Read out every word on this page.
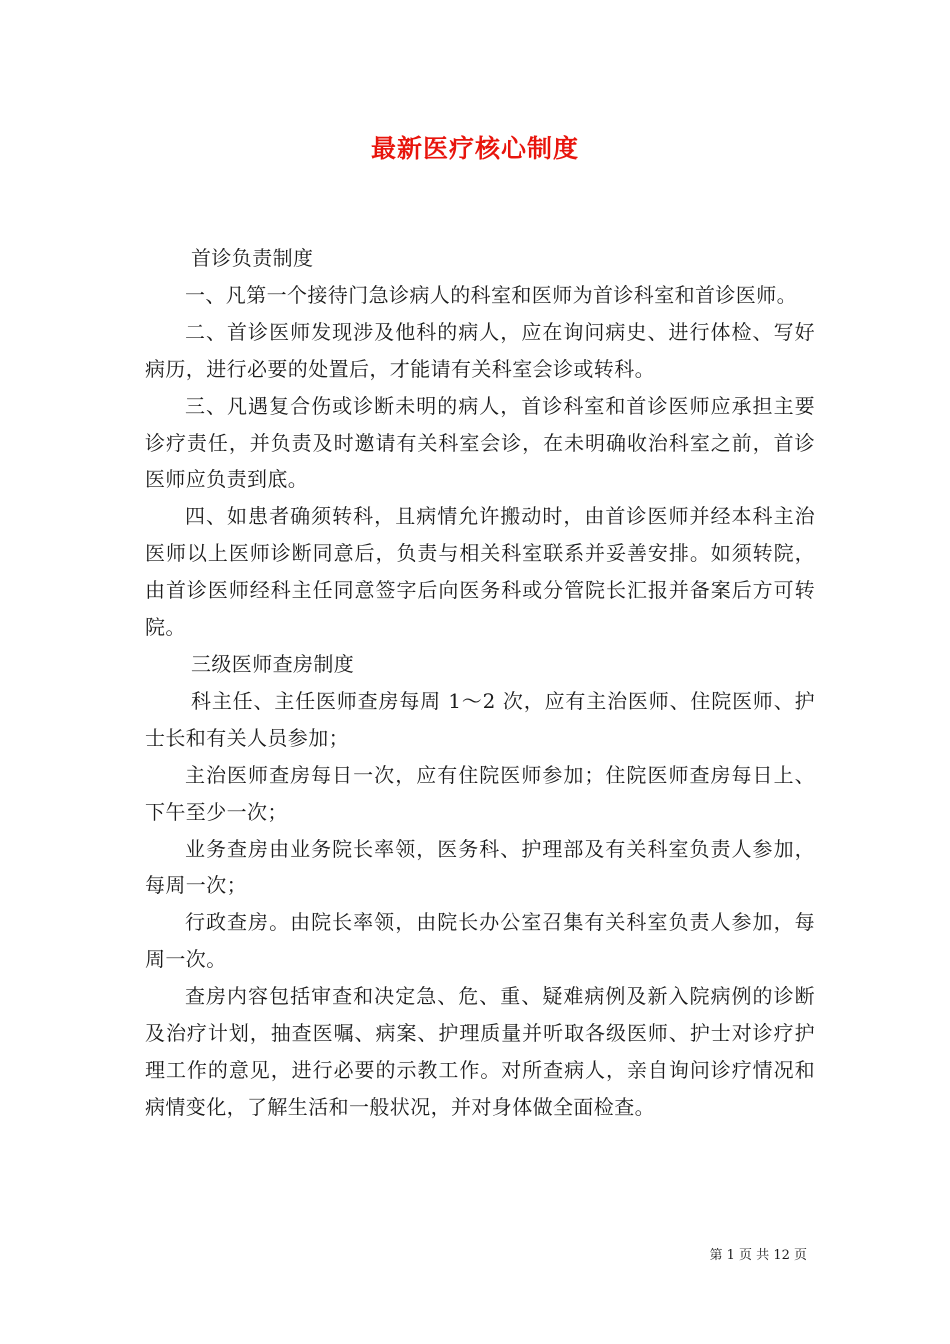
最新医疗核心制度

首诊负责制度

一、凡第一个接待门急诊病人的科室和医师为首诊科室和首诊医师。

二、首诊医师发现涉及他科的病人，应在询问病史、进行体检、写好病历，进行必要的处置后，才能请有关科室会诊或转科。

三、凡遇复合伤或诊断未明的病人，首诊科室和首诊医师应承担主要诊疗责任，并负责及时邀请有关科室会诊，在未明确收治科室之前，首诊医师应负责到底。

四、如患者确须转科，且病情允许搬动时，由首诊医师并经本科主治医师以上医师诊断同意后，负责与相关科室联系并妥善安排。如须转院，由首诊医师经科主任同意签字后向医务科或分管院长汇报并备案后方可转院。

三级医师查房制度

科主任、主任医师查房每周 1～2 次，应有主治医师、住院医师、护士长和有关人员参加；

主治医师查房每日一次，应有住院医师参加；住院医师查房每日上、下午至少一次；

业务查房由业务院长率领，医务科、护理部及有关科室负责人参加，每周一次；

行政查房。由院长率领，由院长办公室召集有关科室负责人参加，每周一次。

查房内容包括审查和决定急、危、重、疑难病例及新入院病例的诊断及治疗计划，抽查医嘱、病案、护理质量并听取各级医师、护士对诊疗护理工作的意见，进行必要的示教工作。对所查病人，亲自询问诊疗情况和病情变化，了解生活和一般状况，并对身体做全面检查。

第 1 页 共 12 页
